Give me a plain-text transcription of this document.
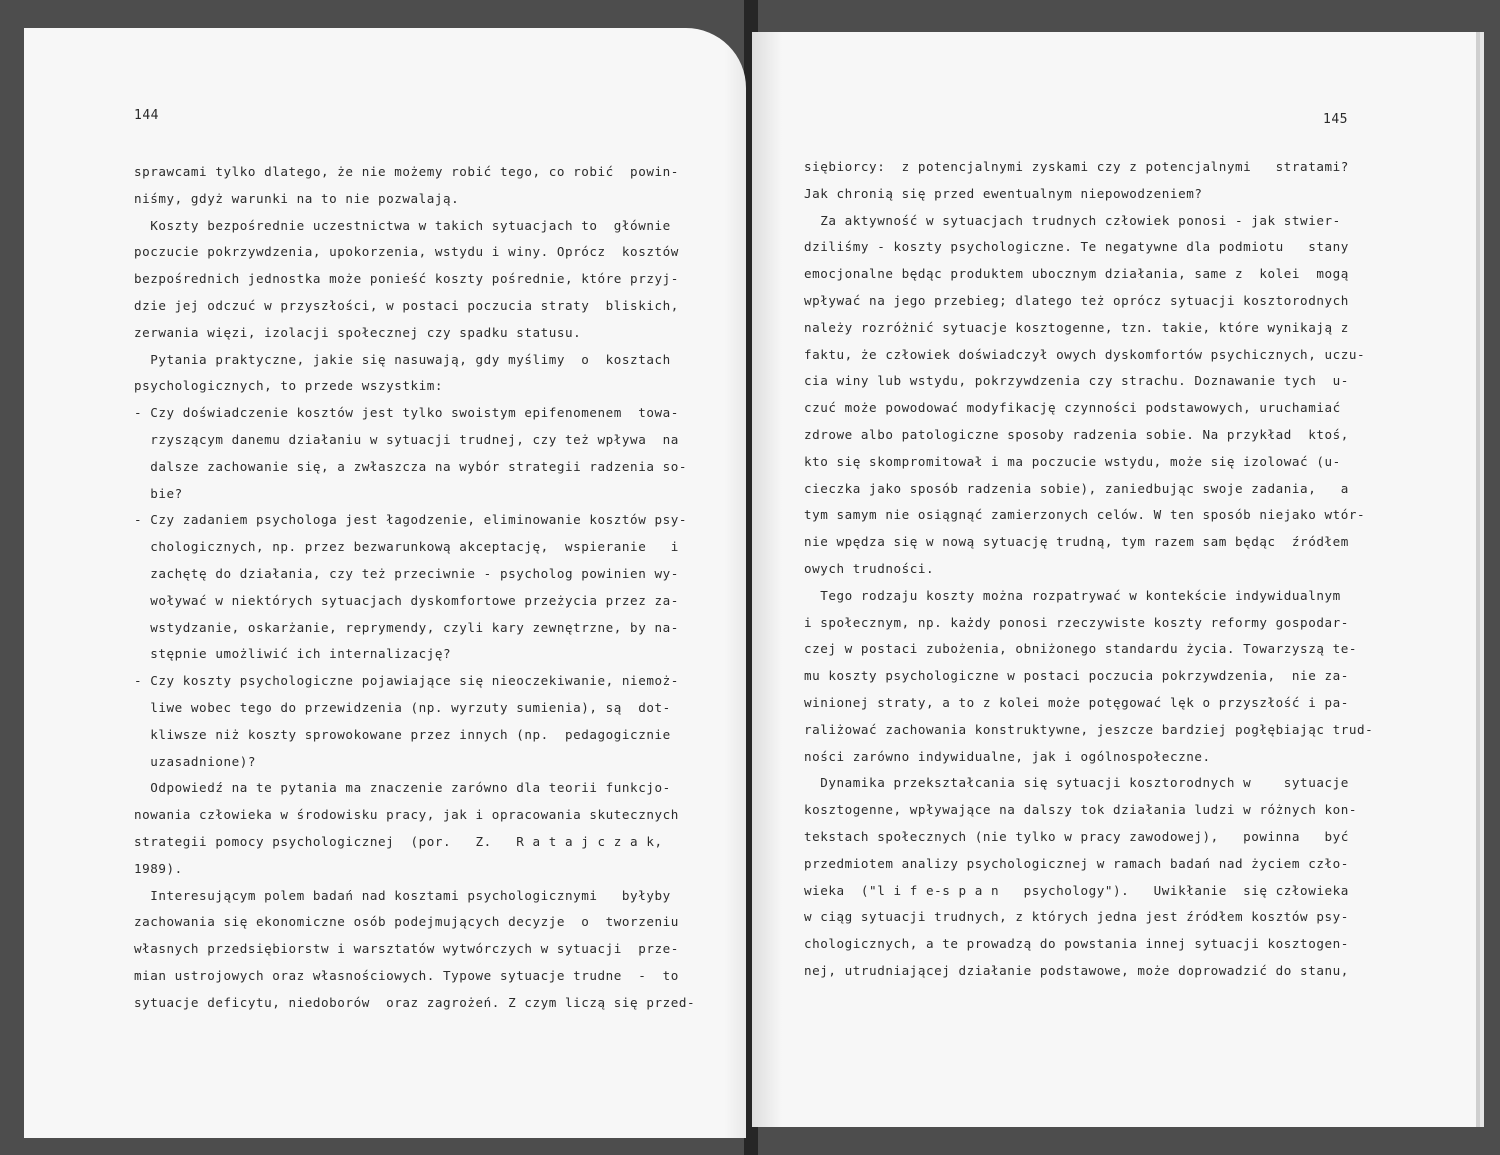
144
sprawcami tylko dlatego, że nie możemy robić tego, co robić  powin-
niśmy, gdyż warunki na to nie pozwalają.
Koszty bezpośrednie uczestnictwa w takich sytuacjach to  głównie
poczucie pokrzywdzenia, upokorzenia, wstydu i winy. Oprócz  kosztów
bezpośrednich jednostka może ponieść koszty pośrednie, które przyj-
dzie jej odczuć w przyszłości, w postaci poczucia straty  bliskich,
zerwania więzi, izolacji społecznej czy spadku statusu.
Pytania praktyczne, jakie się nasuwają, gdy myślimy  o  kosztach
psychologicznych, to przede wszystkim:
- Czy doświadczenie kosztów jest tylko swoistym epifenomenem  towa-
rzyszącym danemu działaniu w sytuacji trudnej, czy też wpływa  na
dalsze zachowanie się, a zwłaszcza na wybór strategii radzenia so-
bie?
- Czy zadaniem psychologa jest łagodzenie, eliminowanie kosztów psy-
chologicznych, np. przez bezwarunkową akceptację,  wspieranie   i
zachętę do działania, czy też przeciwnie - psycholog powinien wy-
woływać w niektórych sytuacjach dyskomfortowe przeżycia przez za-
wstydzanie, oskarżanie, reprymendy, czyli kary zewnętrzne, by na-
stępnie umożliwić ich internalizację?
- Czy koszty psychologiczne pojawiające się nieoczekiwanie, niemoż-
liwe wobec tego do przewidzenia (np. wyrzuty sumienia), są  dot-
kliwsze niż koszty sprowokowane przez innych (np.  pedagogicznie
uzasadnione)?
Odpowiedź na te pytania ma znaczenie zarówno dla teorii funkcjo-
nowania człowieka w środowisku pracy, jak i opracowania skutecznych
strategii pomocy psychologicznej  (por.   Z.   R a t a j c z a k,
1989).
Interesującym polem badań nad kosztami psychologicznymi   byłyby
zachowania się ekonomiczne osób podejmujących decyzje  o  tworzeniu
własnych przedsiębiorstw i warsztatów wytwórczych w sytuacji  prze-
mian ustrojowych oraz własnościowych. Typowe sytuacje trudne  -  to
sytuacje deficytu, niedoborów  oraz zagrożeń. Z czym liczą się przed-
145
siębiorcy:  z potencjalnymi zyskami czy z potencjalnymi   stratami?
Jak chronią się przed ewentualnym niepowodzeniem?
Za aktywność w sytuacjach trudnych człowiek ponosi - jak stwier-
dziliśmy - koszty psychologiczne. Te negatywne dla podmiotu   stany
emocjonalne będąc produktem ubocznym działania, same z  kolei  mogą
wpływać na jego przebieg; dlatego też oprócz sytuacji kosztorodnych
należy rozróżnić sytuacje kosztogenne, tzn. takie, które wynikają z
faktu, że człowiek doświadczył owych dyskomfortów psychicznych, uczu-
cia winy lub wstydu, pokrzywdzenia czy strachu. Doznawanie tych  u-
czuć może powodować modyfikację czynności podstawowych, uruchamiać
zdrowe albo patologiczne sposoby radzenia sobie. Na przykład  ktoś,
kto się skompromitował i ma poczucie wstydu, może się izolować (u-
cieczka jako sposób radzenia sobie), zaniedbując swoje zadania,   a
tym samym nie osiągnąć zamierzonych celów. W ten sposób niejako wtór-
nie wpędza się w nową sytuację trudną, tym razem sam będąc  źródłem
owych trudności.
Tego rodzaju koszty można rozpatrywać w kontekście indywidualnym
i społecznym, np. każdy ponosi rzeczywiste koszty reformy gospodar-
czej w postaci zubożenia, obniżonego standardu życia. Towarzyszą te-
mu koszty psychologiczne w postaci poczucia pokrzywdzenia,  nie za-
winionej straty, a to z kolei może potęgować lęk o przyszłość i pa-
raliżować zachowania konstruktywne, jeszcze bardziej pogłębiając trud-
ności zarówno indywidualne, jak i ogólnospołeczne.
Dynamika przekształcania się sytuacji kosztorodnych w    sytuacje
kosztogenne, wpływające na dalszy tok działania ludzi w różnych kon-
tekstach społecznych (nie tylko w pracy zawodowej),   powinna   być
przedmiotem analizy psychologicznej w ramach badań nad życiem czło-
wieka  ("l i f e-s p a n   psychology").   Uwikłanie  się człowieka
w ciąg sytuacji trudnych, z których jedna jest źródłem kosztów psy-
chologicznych, a te prowadzą do powstania innej sytuacji kosztogen-
nej, utrudniającej działanie podstawowe, może doprowadzić do stanu,
